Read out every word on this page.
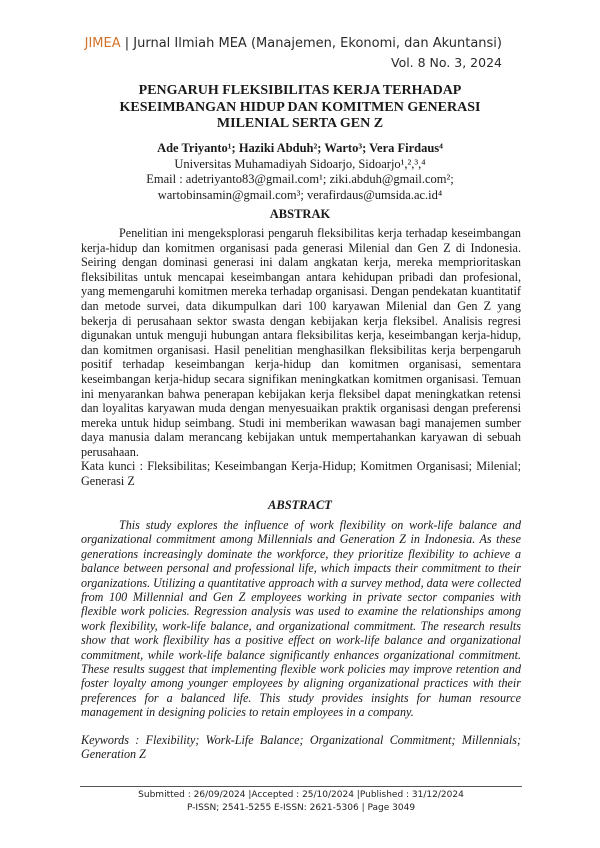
JIMEA | Jurnal Ilmiah MEA (Manajemen, Ekonomi, dan Akuntansi)
Vol. 8 No. 3, 2024
PENGARUH FLEKSIBILITAS KERJA TERHADAP KESEIMBANGAN HIDUP DAN KOMITMEN GENERASI MILENIAL SERTA GEN Z
Ade Triyanto¹; Haziki Abduh²; Warto³; Vera Firdaus⁴
Universitas Muhamadiyah Sidoarjo, Sidoarjo¹,²,³,⁴
Email : adetriyanto83@gmail.com¹; ziki.abduh@gmail.com²;
wartobinsamin@gmail.com³; verafirdaus@umsida.ac.id⁴
ABSTRAK
Penelitian ini mengeksplorasi pengaruh fleksibilitas kerja terhadap keseimbangan kerja-hidup dan komitmen organisasi pada generasi Milenial dan Gen Z di Indonesia. Seiring dengan dominasi generasi ini dalam angkatan kerja, mereka memprioritaskan fleksibilitas untuk mencapai keseimbangan antara kehidupan pribadi dan profesional, yang memengaruhi komitmen mereka terhadap organisasi. Dengan pendekatan kuantitatif dan metode survei, data dikumpulkan dari 100 karyawan Milenial dan Gen Z yang bekerja di perusahaan sektor swasta dengan kebijakan kerja fleksibel. Analisis regresi digunakan untuk menguji hubungan antara fleksibilitas kerja, keseimbangan kerja-hidup, dan komitmen organisasi. Hasil penelitian menghasilkan fleksibilitas kerja berpengaruh positif terhadap keseimbangan kerja-hidup dan komitmen organisasi, sementara keseimbangan kerja-hidup secara signifikan meningkatkan komitmen organisasi. Temuan ini menyarankan bahwa penerapan kebijakan kerja fleksibel dapat meningkatkan retensi dan loyalitas karyawan muda dengan menyesuaikan praktik organisasi dengan preferensi mereka untuk hidup seimbang. Studi ini memberikan wawasan bagi manajemen sumber daya manusia dalam merancang kebijakan untuk mempertahankan karyawan di sebuah perusahaan.
Kata kunci : Fleksibilitas; Keseimbangan Kerja-Hidup; Komitmen Organisasi; Milenial; Generasi Z
ABSTRACT
This study explores the influence of work flexibility on work-life balance and organizational commitment among Millennials and Generation Z in Indonesia. As these generations increasingly dominate the workforce, they prioritize flexibility to achieve a balance between personal and professional life, which impacts their commitment to their organizations. Utilizing a quantitative approach with a survey method, data were collected from 100 Millennial and Gen Z employees working in private sector companies with flexible work policies. Regression analysis was used to examine the relationships among work flexibility, work-life balance, and organizational commitment. The research results show that work flexibility has a positive effect on work-life balance and organizational commitment, while work-life balance significantly enhances organizational commitment. These results suggest that implementing flexible work policies may improve retention and foster loyalty among younger employees by aligning organizational practices with their preferences for a balanced life. This study provides insights for human resource management in designing policies to retain employees in a company.
Keywords : Flexibility; Work-Life Balance; Organizational Commitment; Millennials; Generation Z
Submitted : 26/09/2024 |Accepted : 25/10/2024 |Published : 31/12/2024
P-ISSN; 2541-5255 E-ISSN: 2621-5306 | Page 3049
